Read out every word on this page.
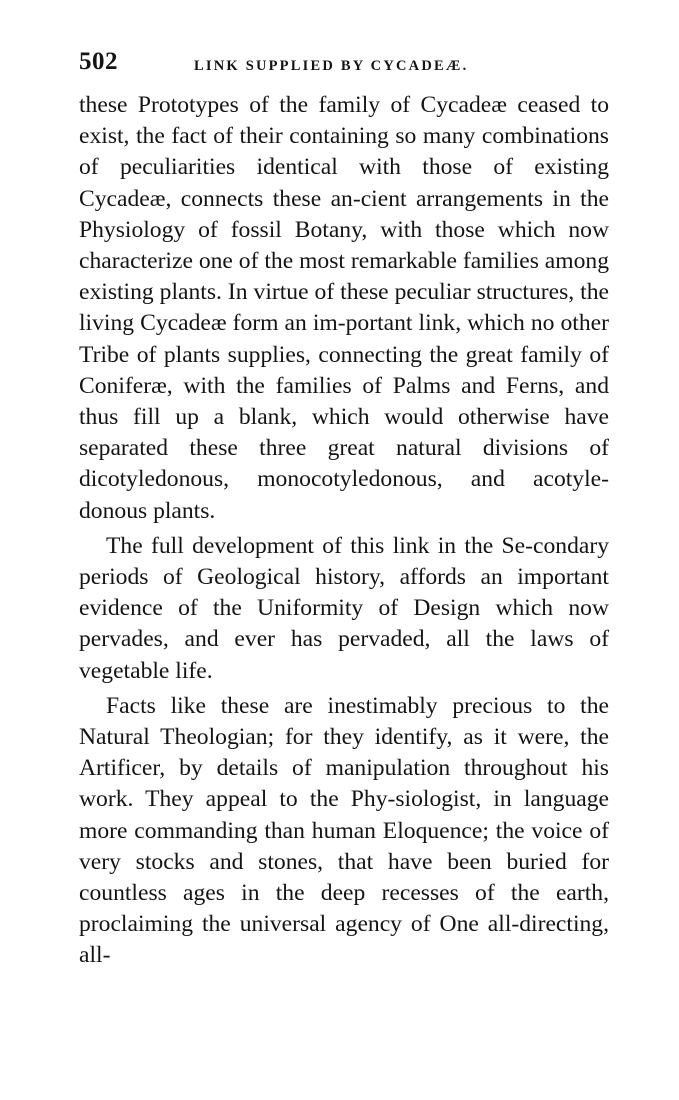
502	LINK SUPPLIED BY CYCADEÆ.

these Prototypes of the family of Cycadeæ ceased to exist, the fact of their containing so many combinations of peculiarities identical with those of existing Cycadeæ, connects these an-cient arrangements in the Physiology of fossil Botany, with those which now characterize one of the most remarkable families among existing plants. In virtue of these peculiar structures, the living Cycadeæ form an im-portant link, which no other Tribe of plants supplies, connecting the great family of Coniferæ, with the families of Palms and Ferns, and thus fill up a blank, which would otherwise have separated these three great natural divisions of dicotyledonous, monocotyledonous, and acotyle-donous plants.

The full development of this link in the Se-condary periods of Geological history, affords an important evidence of the Uniformity of Design which now pervades, and ever has pervaded, all the laws of vegetable life.

Facts like these are inestimably precious to the Natural Theologian; for they identify, as it were, the Artificer, by details of manipulation throughout his work. They appeal to the Phy-siologist, in language more commanding than human Eloquence; the voice of very stocks and stones, that have been buried for countless ages in the deep recesses of the earth, proclaiming the universal agency of One all-directing, all-
